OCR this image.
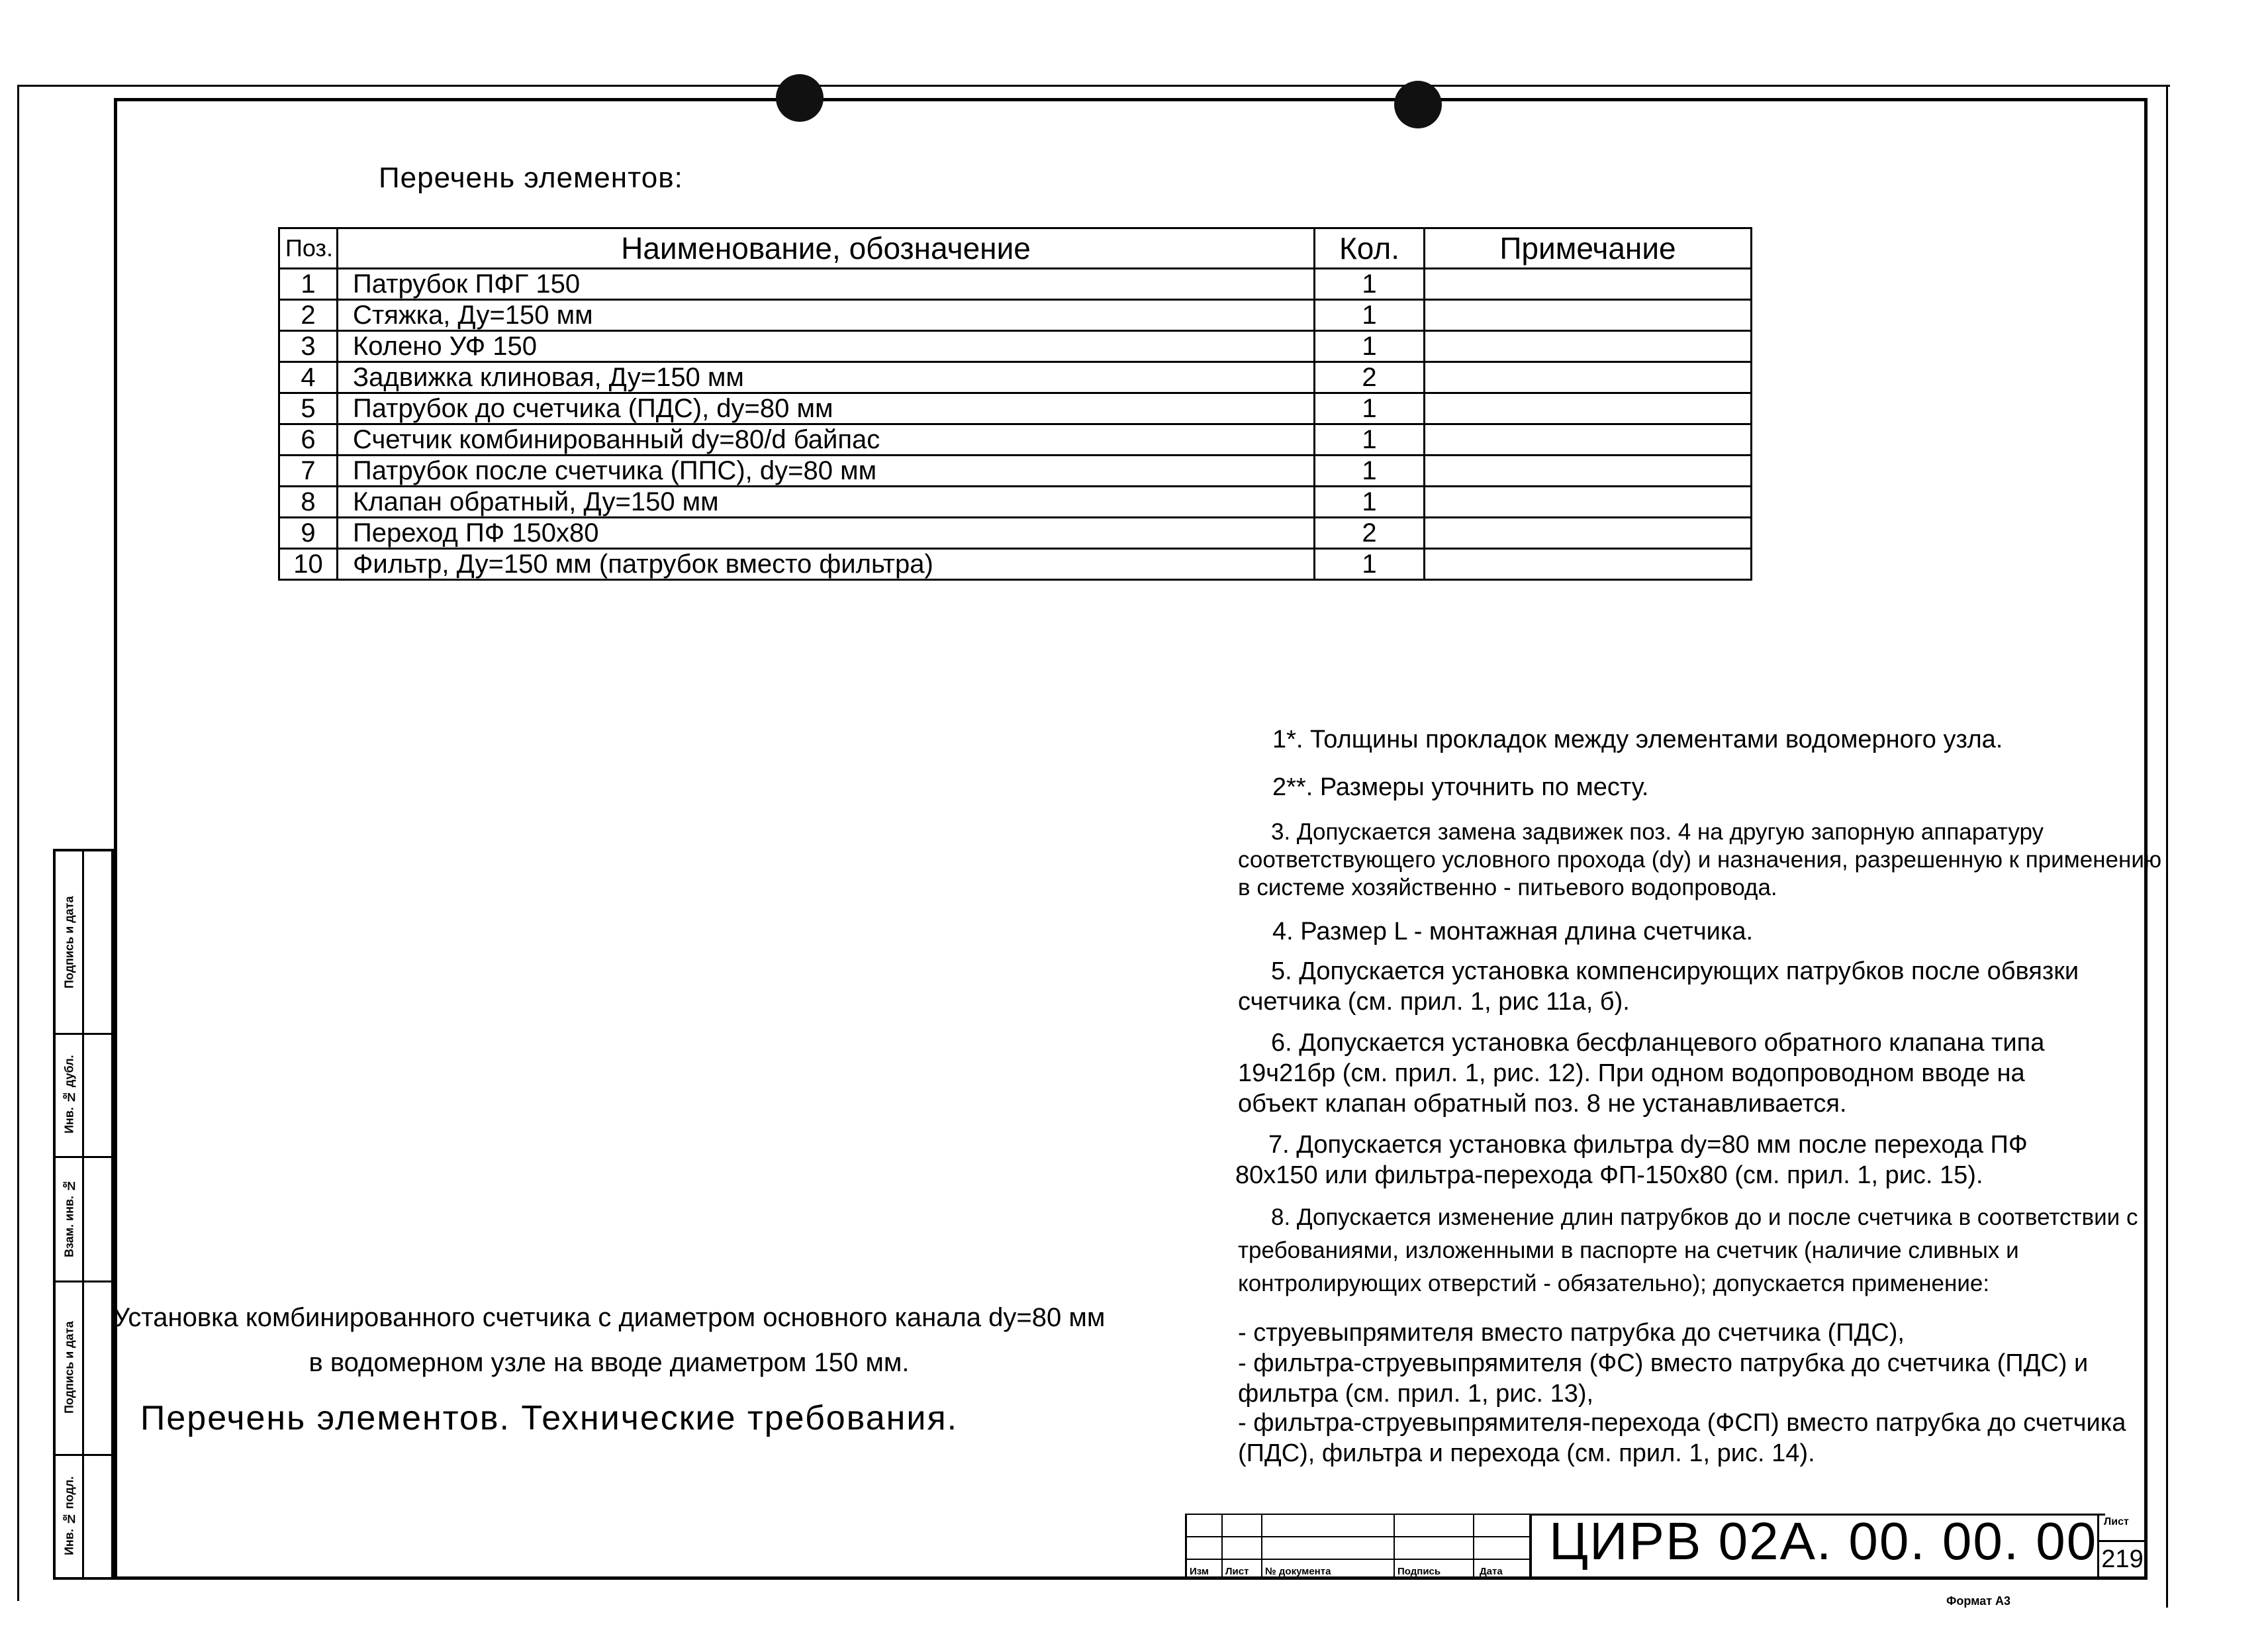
Перечень элементов:
Поз.	Наименование, обозначение	Кол.	Примечание
1	Патрубок ПФГ 150	1	
2	Стяжка, Ду=150 мм	1	
3	Колено УФ 150	1	
4	Задвижка клиновая, Ду=150 мм	2	
5	Патрубок до счетчика (ПДС), dy=80 мм	1	
6	Счетчик комбинированный dy=80/d байпас	1	
7	Патрубок после счетчика (ППС), dy=80 мм	1	
8	Клапан обратный, Ду=150 мм	1	
9	Переход ПФ 150х80	2	
10	Фильтр, Ду=150 мм (патрубок вместо фильтра)	1	
1*. Толщины прокладок между элементами водомерного узла.
2**. Размеры уточнить по месту.
3. Допускается замена задвижек поз. 4 на другую запорную аппаратуру соответствующего условного прохода (dy) и назначения, разрешенную к применению в системе хозяйственно - питьевого водопровода.
4. Размер L - монтажная длина счетчика.
5. Допускается установка компенсирующих патрубков после обвязки счетчика (см. прил. 1, рис 11а, б).
6. Допускается установка бесфланцевого обратного клапана типа 19ч21бр (см. прил. 1, рис. 12). При одном водопроводном вводе на объект клапан обратный поз. 8 не устанавливается.
7. Допускается установка фильтра dy=80 мм после перехода ПФ 80х150 или фильтра-перехода ФП-150х80 (см. прил. 1, рис. 15).
8. Допускается изменение длин патрубков до и после счетчика в соответствии с требованиями, изложенными в паспорте на счетчик (наличие сливных и контролирующих отверстий - обязательно); допускается применение:
- струевыпрямителя вместо патрубка до счетчика (ПДС),
- фильтра-струевыпрямителя (ФС) вместо патрубка до счетчика (ПДС) и фильтра (см. прил. 1, рис. 13),
- фильтра-струевыпрямителя-перехода (ФСП) вместо патрубка до счетчика (ПДС), фильтра и перехода (см. прил. 1, рис. 14).
Установка комбинированного счетчика с диаметром основного канала dy=80 мм
в водомерном узле на вводе диаметром 150 мм.
Перечень элементов. Технические требования.
Подпись и дата
Инв. № дубл.
Взам. инв. №
Подпись и дата
Инв. № подл.
Изм Лист № документа	Подпись	Дата
ЦИРВ 02А. 00. 00. 00 Лист
219
Формат А3
